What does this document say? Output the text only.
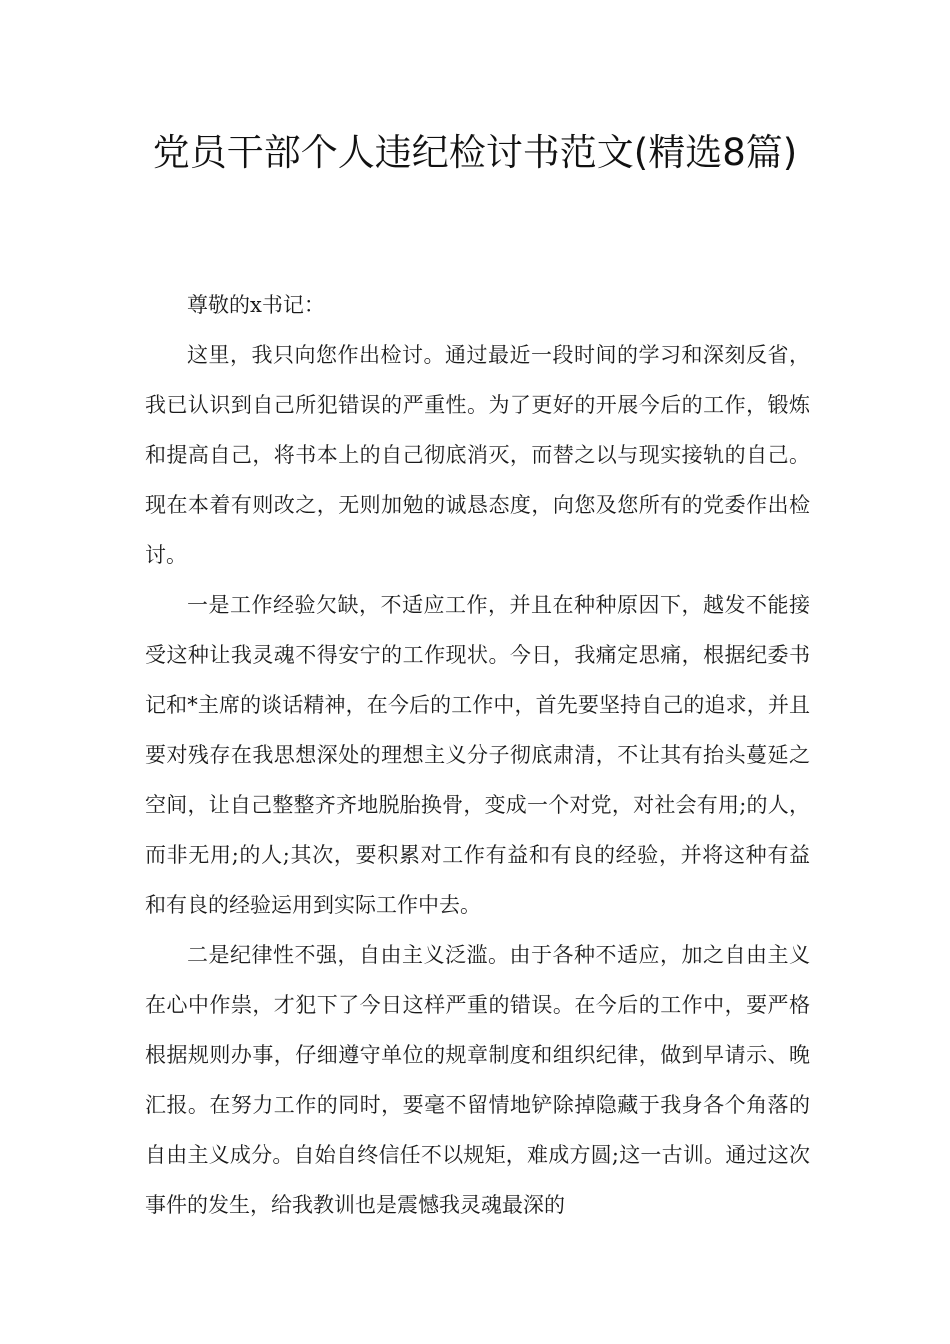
党员干部个人违纪检讨书范文(精选8篇)

尊敬的x书记：

这里，我只向您作出检讨。通过最近一段时间的学习和深刻反省，我已认识到自己所犯错误的严重性。为了更好的开展今后的工作，锻炼和提高自己，将书本上的自己彻底消灭，而替之以与现实接轨的自己。现在本着有则改之，无则加勉的诚恳态度，向您及您所有的党委作出检讨。

一是工作经验欠缺，不适应工作，并且在种种原因下，越发不能接受这种让我灵魂不得安宁的工作现状。今日，我痛定思痛，根据纪委书记和*主席的谈话精神，在今后的工作中，首先要坚持自己的追求，并且要对残存在我思想深处的理想主义分子彻底肃清，不让其有抬头蔓延之空间，让自己整整齐齐地脱胎换骨，变成一个对党，对社会有用;的人，而非无用;的人;其次，要积累对工作有益和有良的经验，并将这种有益和有良的经验运用到实际工作中去。

二是纪律性不强，自由主义泛滥。由于各种不适应，加之自由主义在心中作祟，才犯下了今日这样严重的错误。在今后的工作中，要严格根据规则办事，仔细遵守单位的规章制度和组织纪律，做到早请示、晚汇报。在努力工作的同时，要毫不留情地铲除掉隐藏于我身各个角落的自由主义成分。自始自终信任不以规矩，难成方圆;这一古训。通过这次事件的发生，给我教训也是震憾我灵魂最深的
